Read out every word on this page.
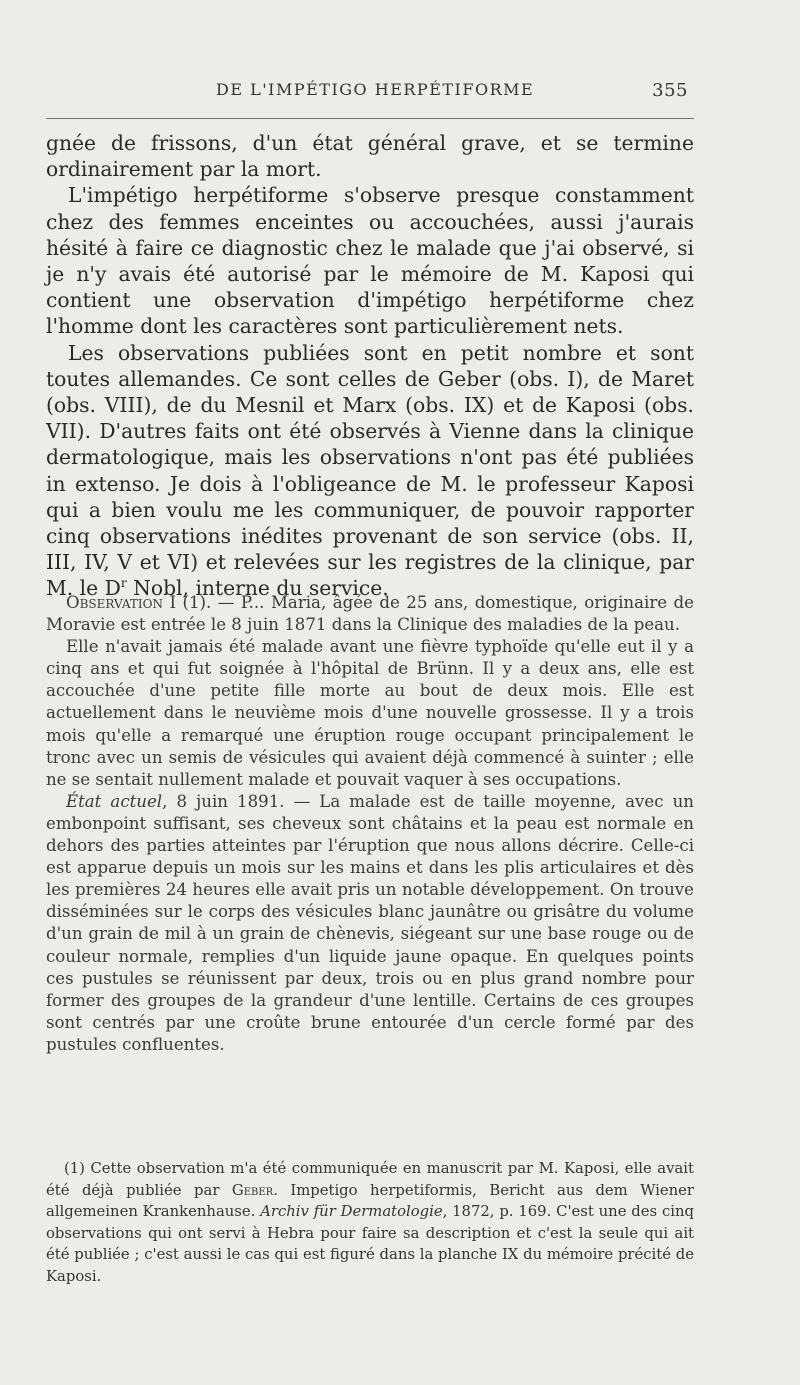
DE L'IMPÉTIGO HERPÉTIFORME	355

gnée de frissons, d'un état général grave, et se termine ordinairement par la mort.

L'impétigo herpétiforme s'observe presque constamment chez des femmes enceintes ou accouchées, aussi j'aurais hésité à faire ce diagnostic chez le malade que j'ai observé, si je n'y avais été autorisé par le mémoire de M. Kaposi qui contient une observation d'impétigo herpétiforme chez l'homme dont les caractères sont particulièrement nets.

Les observations publiées sont en petit nombre et sont toutes allemandes. Ce sont celles de Geber (obs. I), de Maret (obs. VIII), de du Mesnil et Marx (obs. IX) et de Kaposi (obs. VII). D'autres faits ont été observés à Vienne dans la clinique dermatologique, mais les observations n'ont pas été publiées in extenso. Je dois à l'obligeance de M. le professeur Kaposi qui a bien voulu me les communiquer, de pouvoir rapporter cinq observations inédites provenant de son service (obs. II, III, IV, V et VI) et relevées sur les registres de la clinique, par M. le $D^r$ Nobl, interne du service.

Observation I (1). — P... Maria, âgée de 25 ans, domestique, originaire de Moravie est entrée le 8 juin 1871 dans la Clinique des maladies de la peau.

Elle n'avait jamais été malade avant une fièvre typhoïde qu'elle eut il y a cinq ans et qui fut soignée à l'hôpital de Brünn. Il y a deux ans, elle est accouchée d'une petite fille morte au bout de deux mois. Elle est actuellement dans le neuvième mois d'une nouvelle grossesse. Il y a trois mois qu'elle a remarqué une éruption rouge occupant principalement le tronc avec un semis de vésicules qui avaient déjà commencé à suinter ; elle ne se sentait nullement malade et pouvait vaquer à ses occupations.

État actuel, 8 juin 1891. — La malade est de taille moyenne, avec un embonpoint suffisant, ses cheveux sont châtains et la peau est normale en dehors des parties atteintes par l'éruption que nous allons décrire. Celle-ci est apparue depuis un mois sur les mains et dans les plis articulaires et dès les premières 24 heures elle avait pris un notable développement. On trouve disséminées sur le corps des vésicules blanc jaunâtre ou grisâtre du volume d'un grain de mil à un grain de chènevis, siégeant sur une base rouge ou de couleur normale, remplies d'un liquide jaune opaque. En quelques points ces pustules se réunissent par deux, trois ou en plus grand nombre pour former des groupes de la grandeur d'une lentille. Certains de ces groupes sont centrés par une croûte brune entourée d'un cercle formé par des pustules confluentes.

(1) Cette observation m'a été communiquée en manuscrit par M. Kaposi, elle avait été déjà publiée par Geber. Impetigo herpetiformis, Bericht aus dem Wiener allgemeinen Krankenhause. Archiv für Dermatologie, 1872, p. 169. C'est une des cinq observations qui ont servi à Hebra pour faire sa description et c'est la seule qui ait été publiée ; c'est aussi le cas qui est figuré dans la planche IX du mémoire précité de Kaposi.
